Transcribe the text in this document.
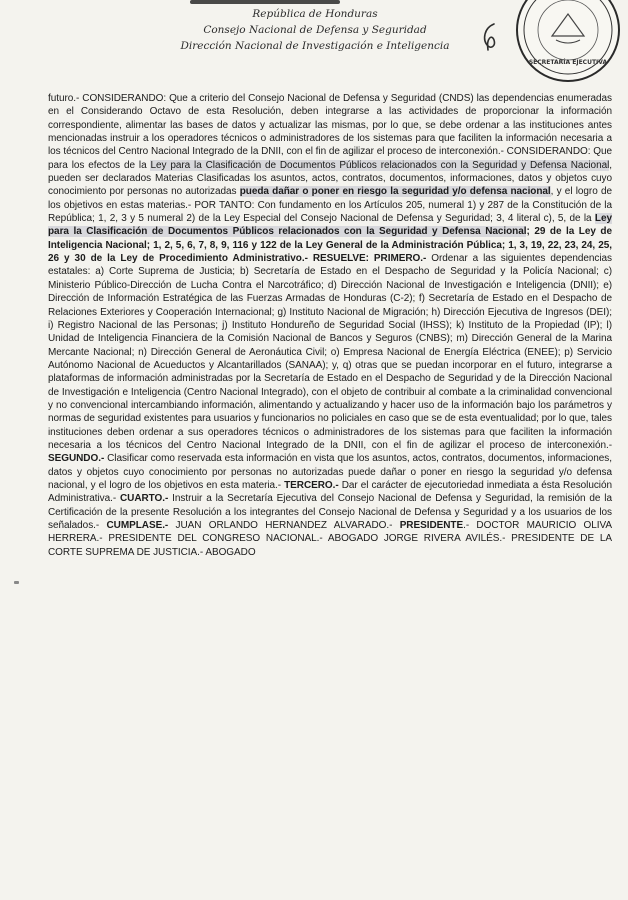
República de Honduras
Consejo Nacional de Defensa y Seguridad
Dirección Nacional de Investigación e Inteligencia
SECRETARÍA EJECUTIVA

futuro.- CONSIDERANDO: Que a criterio del Consejo Nacional de Defensa y Seguridad (CNDS) las dependencias enumeradas en el Considerando Octavo de esta Resolución, deben integrarse a las actividades de proporcionar la información correspondiente, alimentar las bases de datos y actualizar las mismas, por lo que, se debe ordenar a las instituciones antes mencionadas instruir a los operadores técnicos o administradores de los sistemas para que faciliten la información necesaria a los técnicos del Centro Nacional Integrado de la DNII, con el fin de agilizar el proceso de interconexión.- CONSIDERANDO: Que para los efectos de la Ley para la Clasificación de Documentos Públicos relacionados con la Seguridad y Defensa Nacional, pueden ser declarados Materias Clasificadas los asuntos, actos, contratos, documentos, informaciones, datos y objetos cuyo conocimiento por personas no autorizadas pueda dañar o poner en riesgo la seguridad y/o defensa nacional, y el logro de los objetivos en estas materias.- POR TANTO: Con fundamento en los Artículos 205, numeral 1) y 287 de la Constitución de la República; 1, 2, 3 y 5 numeral 2) de la Ley Especial del Consejo Nacional de Defensa y Seguridad; 3, 4 literal c), 5, de la Ley para la Clasificación de Documentos Públicos relacionados con la Seguridad y Defensa Nacional; 29 de la Ley de Inteligencia Nacional; 1, 2, 5, 6, 7, 8, 9, 116 y 122 de la Ley General de la Administración Pública; 1, 3, 19, 22, 23, 24, 25, 26 y 30 de la Ley de Procedimiento Administrativo.- RESUELVE: PRIMERO.- Ordenar a las siguientes dependencias estatales: a) Corte Suprema de Justicia; b) Secretaría de Estado en el Despacho de Seguridad y la Policía Nacional; c) Ministerio Público-Dirección de Lucha Contra el Narcotráfico; d) Dirección Nacional de Investigación e Inteligencia (DNII); e) Dirección de Información Estratégica de las Fuerzas Armadas de Honduras (C-2); f) Secretaría de Estado en el Despacho de Relaciones Exteriores y Cooperación Internacional; g) Instituto Nacional de Migración; h) Dirección Ejecutiva de Ingresos (DEI); i) Registro Nacional de las Personas; j) Instituto Hondureño de Seguridad Social (IHSS); k) Instituto de la Propiedad (IP); l) Unidad de Inteligencia Financiera de la Comisión Nacional de Bancos y Seguros (CNBS); m) Dirección General de la Marina Mercante Nacional; n) Dirección General de Aeronáutica Civil; o) Empresa Nacional de Energía Eléctrica (ENEE); p) Servicio Autónomo Nacional de Acueductos y Alcantarillados (SANAA); y, q) otras que se puedan incorporar en el futuro, integrarse a plataformas de información administradas por la Secretaría de Estado en el Despacho de Seguridad y de la Dirección Nacional de Investigación e Inteligencia (Centro Nacional Integrado), con el objeto de contribuir al combate a la criminalidad convencional y no convencional intercambiando información, alimentando y actualizando y hacer uso de la información bajo los parámetros y normas de seguridad existentes para usuarios y funcionarios no policiales en caso que se de esta eventualidad; por lo que, tales instituciones deben ordenar a sus operadores técnicos o administradores de los sistemas para que faciliten la información necesaria a los técnicos del Centro Nacional Integrado de la DNII, con el fin de agilizar el proceso de interconexión.- SEGUNDO.- Clasificar como reservada esta información en vista que los asuntos, actos, contratos, documentos, informaciones, datos y objetos cuyo conocimiento por personas no autorizadas puede dañar o poner en riesgo la seguridad y/o defensa nacional, y el logro de los objetivos en esta materia.- TERCERO.- Dar el carácter de ejecutoriedad inmediata a ésta Resolución Administrativa.- CUARTO.- Instruir a la Secretaría Ejecutiva del Consejo Nacional de Defensa y Seguridad, la remisión de la Certificación de la presente Resolución a los integrantes del Consejo Nacional de Defensa y Seguridad y a los usuarios de los señalados.- CUMPLASE.- JUAN ORLANDO HERNANDEZ ALVARADO.- PRESIDENTE.- DOCTOR MAURICIO OLIVA HERRERA.- PRESIDENTE DEL CONGRESO NACIONAL.- ABOGADO JORGE RIVERA AVILÉS.- PRESIDENTE DE LA CORTE SUPREMA DE JUSTICIA.- ABOGADO
